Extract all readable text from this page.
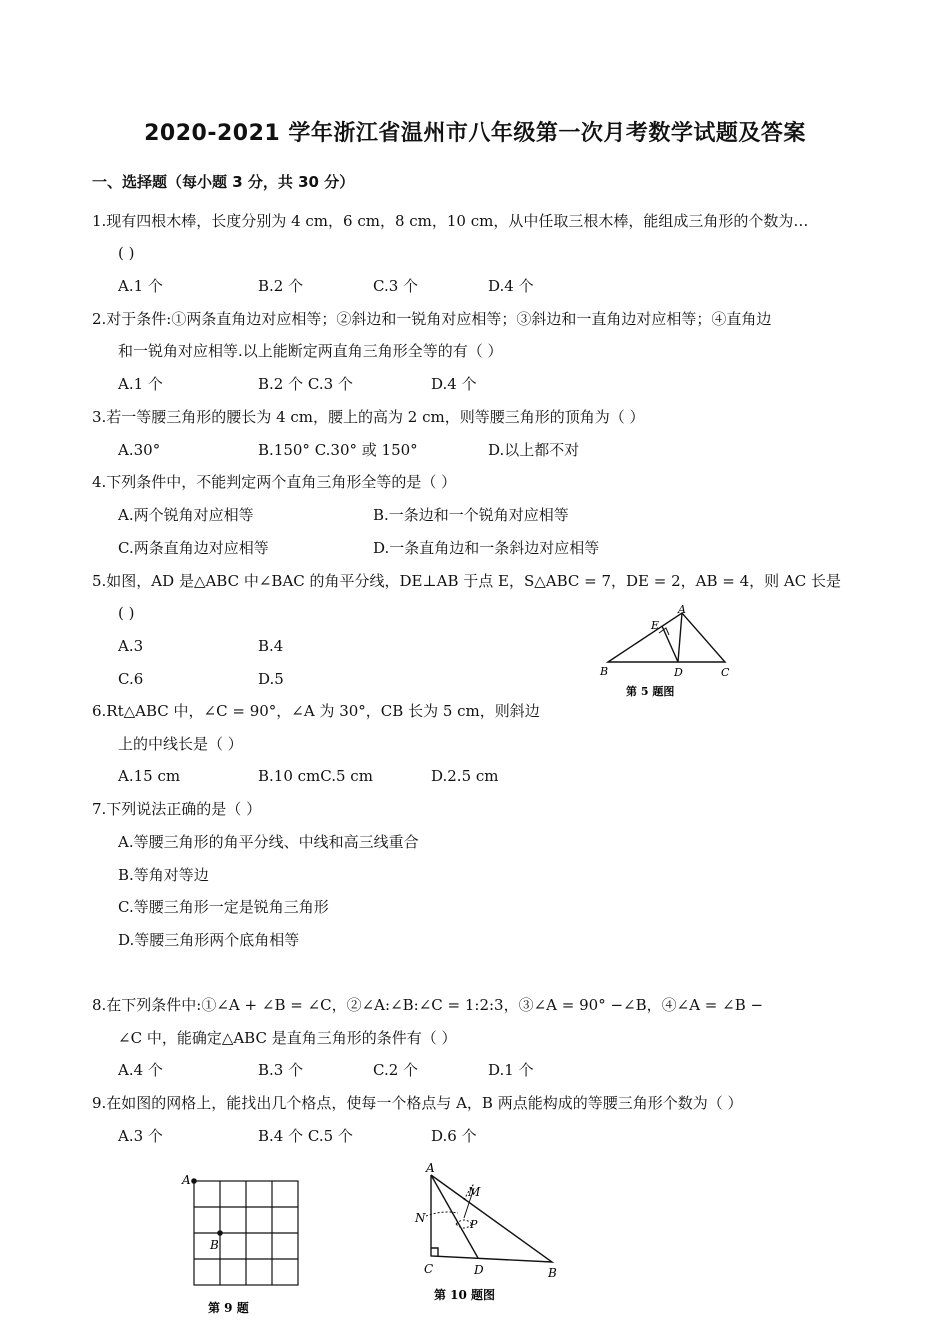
2020-2021 学年浙江省温州市八年级第一次月考数学试题及答案
一、选择题（每小题 3 分，共 30 分）
1.现有四根木棒，长度分别为 4 cm，6 cm，8 cm，10 cm，从中任取三根木棒，能组成三角形的个数为…
( )
A.1 个	B.2 个	C.3 个	D.4 个
2.对于条件:①两条直角边对应相等；②斜边和一锐角对应相等；③斜边和一直角边对应相等；④直角边
和一锐角对应相等.以上能断定两直角三角形全等的有（ ）
A.1 个	B.2 个 C.3 个	D.4 个
3.若一等腰三角形的腰长为 4 cm，腰上的高为 2 cm，则等腰三角形的顶角为（ ）
A.30°	B.150° C.30° 或 150°	D.以上都不对
4.下列条件中，不能判定两个直角三角形全等的是（ ）
A.两个锐角对应相等	B.一条边和一个锐角对应相等
C.两条直角边对应相等	D.一条直角边和一条斜边对应相等
5.如图，AD 是△ABC 中∠BAC 的角平分线，DE⊥AB 于点 E，S△ABC = 7，DE = 2，AB = 4，则 AC 长是
( )
A.3	B.4
C.6	D.5
A
E
B	D	C
第 5 题图
6.Rt△ABC 中，∠C = 90°，∠A 为 30°，CB 长为 5 cm，则斜边
上的中线长是（ ）
A.15 cm	B.10 cmC.5 cm	D.2.5 cm
7.下列说法正确的是（ ）
A.等腰三角形的角平分线、中线和高三线重合
B.等角对等边
C.等腰三角形一定是锐角三角形
D.等腰三角形两个底角相等
8.在下列条件中:①∠A + ∠B = ∠C，②∠A:∠B:∠C = 1:2:3，③∠A = 90° −∠B，④∠A = ∠B −
∠C 中，能确定△ABC 是直角三角形的条件有（ ）
A.4 个	B.3 个	C.2 个	D.1 个
9.在如图的网格上，能找出几个格点，使每一个格点与 A，B 两点能构成的等腰三角形个数为（ ）
A.3 个	B.4 个 C.5 个	D.6 个
A
B
第 9 题
A
M
N	P
C	D	B
第 10 题图
